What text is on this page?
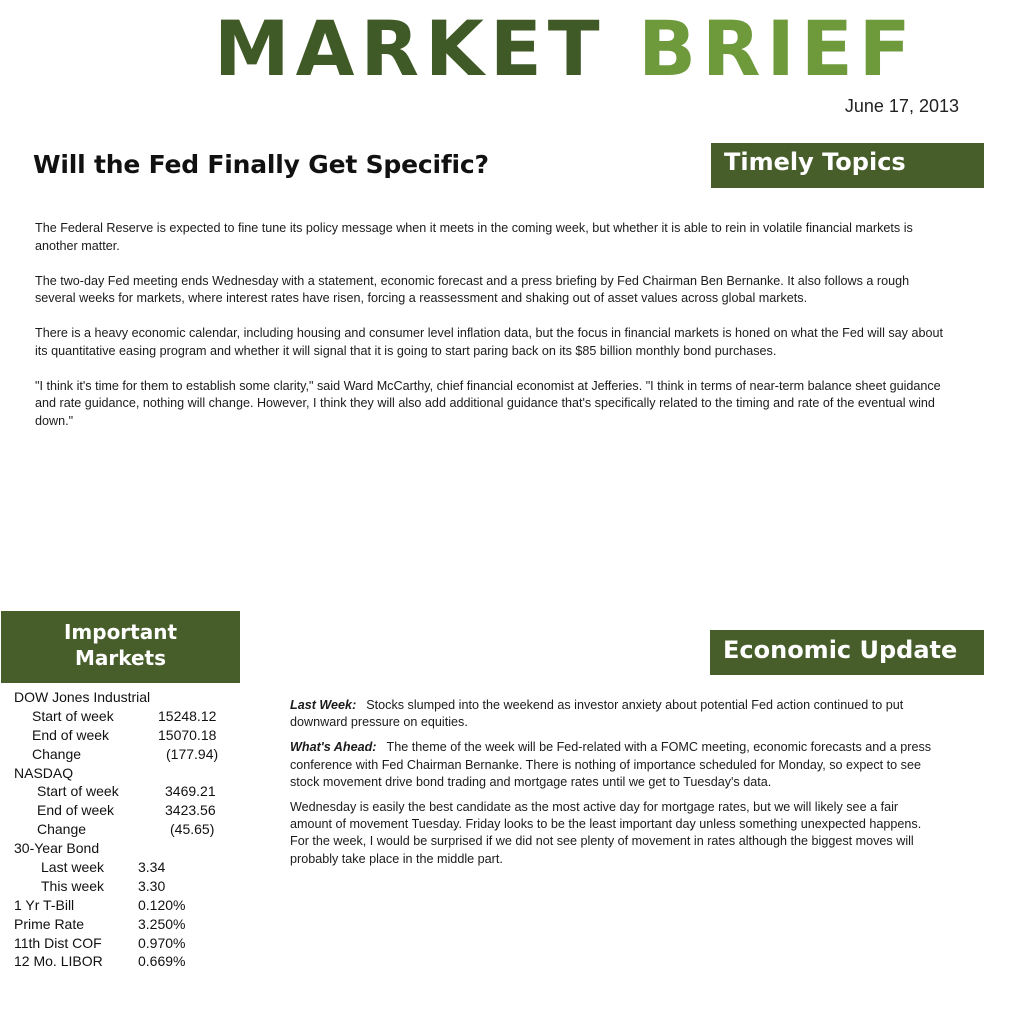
MARKET BRIEF
June 17, 2013
Will the Fed Finally Get Specific?	Timely Topics

The Federal Reserve is expected to fine tune its policy message when it meets in the coming week, but whether it is able to rein in volatile financial markets is another matter.

The two-day Fed meeting ends Wednesday with a statement, economic forecast and a press briefing by Fed Chairman Ben Bernanke. It also follows a rough several weeks for markets, where interest rates have risen, forcing a reassessment and shaking out of asset values across global markets.

There is a heavy economic calendar, including housing and consumer level inflation data, but the focus in financial markets is honed on what the Fed will say about its quantitative easing program and whether it will signal that it is going to start paring back on its $85 billion monthly bond purchases.

"I think it's time for them to establish some clarity," said Ward McCarthy, chief financial economist at Jefferies. "I think in terms of near-term balance sheet guidance and rate guidance, nothing will change. However, I think they will also add additional guidance that's specifically related to the timing and rate of the eventual wind down."

Important
Markets
DOW Jones Industrial
Start of week	15248.12
End of week	15070.18
Change	(177.94)
NASDAQ
Start of week	3469.21
End of week	3423.56
Change	(45.65)
30-Year Bond
Last week 3.34
This week 3.30
1 Yr T-Bill	0.120%
Prime Rate	3.250%
11th Dist COF	0.970%
12 Mo. LIBOR	0.669%
Economic Update

Last Week: Stocks slumped into the weekend as investor anxiety about potential Fed action continued to put downward pressure on equities.

What's Ahead: The theme of the week will be Fed-related with a FOMC meeting, economic forecasts and a press conference with Fed Chairman Bernanke. There is nothing of importance scheduled for Monday, so expect to see stock movement drive bond trading and mortgage rates until we get to Tuesday's data.

Wednesday is easily the best candidate as the most active day for mortgage rates, but we will likely see a fair amount of movement Tuesday. Friday looks to be the least important day unless something unexpected happens. For the week, I would be surprised if we did not see plenty of movement in rates although the biggest moves will probably take place in the middle part.
